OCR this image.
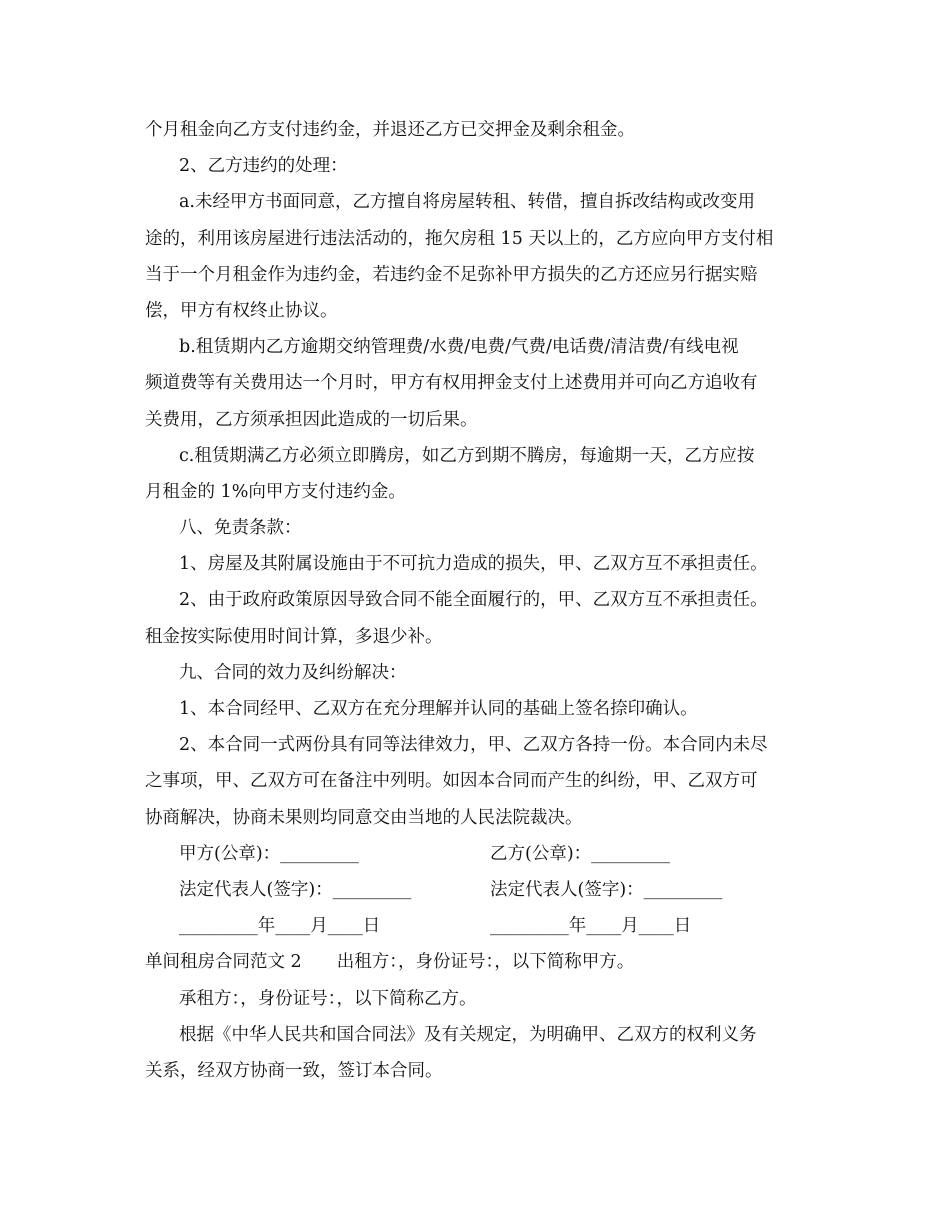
个月租金向乙方支付违约金，并退还乙方已交押金及剩余租金。
2、乙方违约的处理：
a.未经甲方书面同意，乙方擅自将房屋转租、转借，擅自拆改结构或改变用
途的，利用该房屋进行违法活动的，拖欠房租 15 天以上的，乙方应向甲方支付相
当于一个月租金作为违约金，若违约金不足弥补甲方损失的乙方还应另行据实赔
偿，甲方有权终止协议。
b.租赁期内乙方逾期交纳管理费/水费/电费/气费/电话费/清洁费/有线电视
频道费等有关费用达一个月时，甲方有权用押金支付上述费用并可向乙方追收有
关费用，乙方须承担因此造成的一切后果。
c.租赁期满乙方必须立即腾房，如乙方到期不腾房，每逾期一天，乙方应按
月租金的 1%向甲方支付违约金。
八、免责条款：
1、房屋及其附属设施由于不可抗力造成的损失，甲、乙双方互不承担责任。
2、由于政府政策原因导致合同不能全面履行的，甲、乙双方互不承担责任。
租金按实际使用时间计算，多退少补。
九、合同的效力及纠纷解决：
1、本合同经甲、乙双方在充分理解并认同的基础上签名捺印确认。
2、本合同一式两份具有同等法律效力，甲、乙双方各持一份。本合同内未尽
之事项，甲、乙双方可在备注中列明。如因本合同而产生的纠纷，甲、乙双方可
协商解决，协商未果则均同意交由当地的人民法院裁决。
甲方(公章)：_________	乙方(公章)：_________
法定代表人(签字)：_________	法定代表人(签字)：_________
_________年____月____日	_________年____月____日
单间租房合同范文 2　　出租方：，身份证号：，以下简称甲方。
承租方：，身份证号：，以下简称乙方。
根据《中华人民共和国合同法》及有关规定，为明确甲、乙双方的权利义务
关系，经双方协商一致，签订本合同。
